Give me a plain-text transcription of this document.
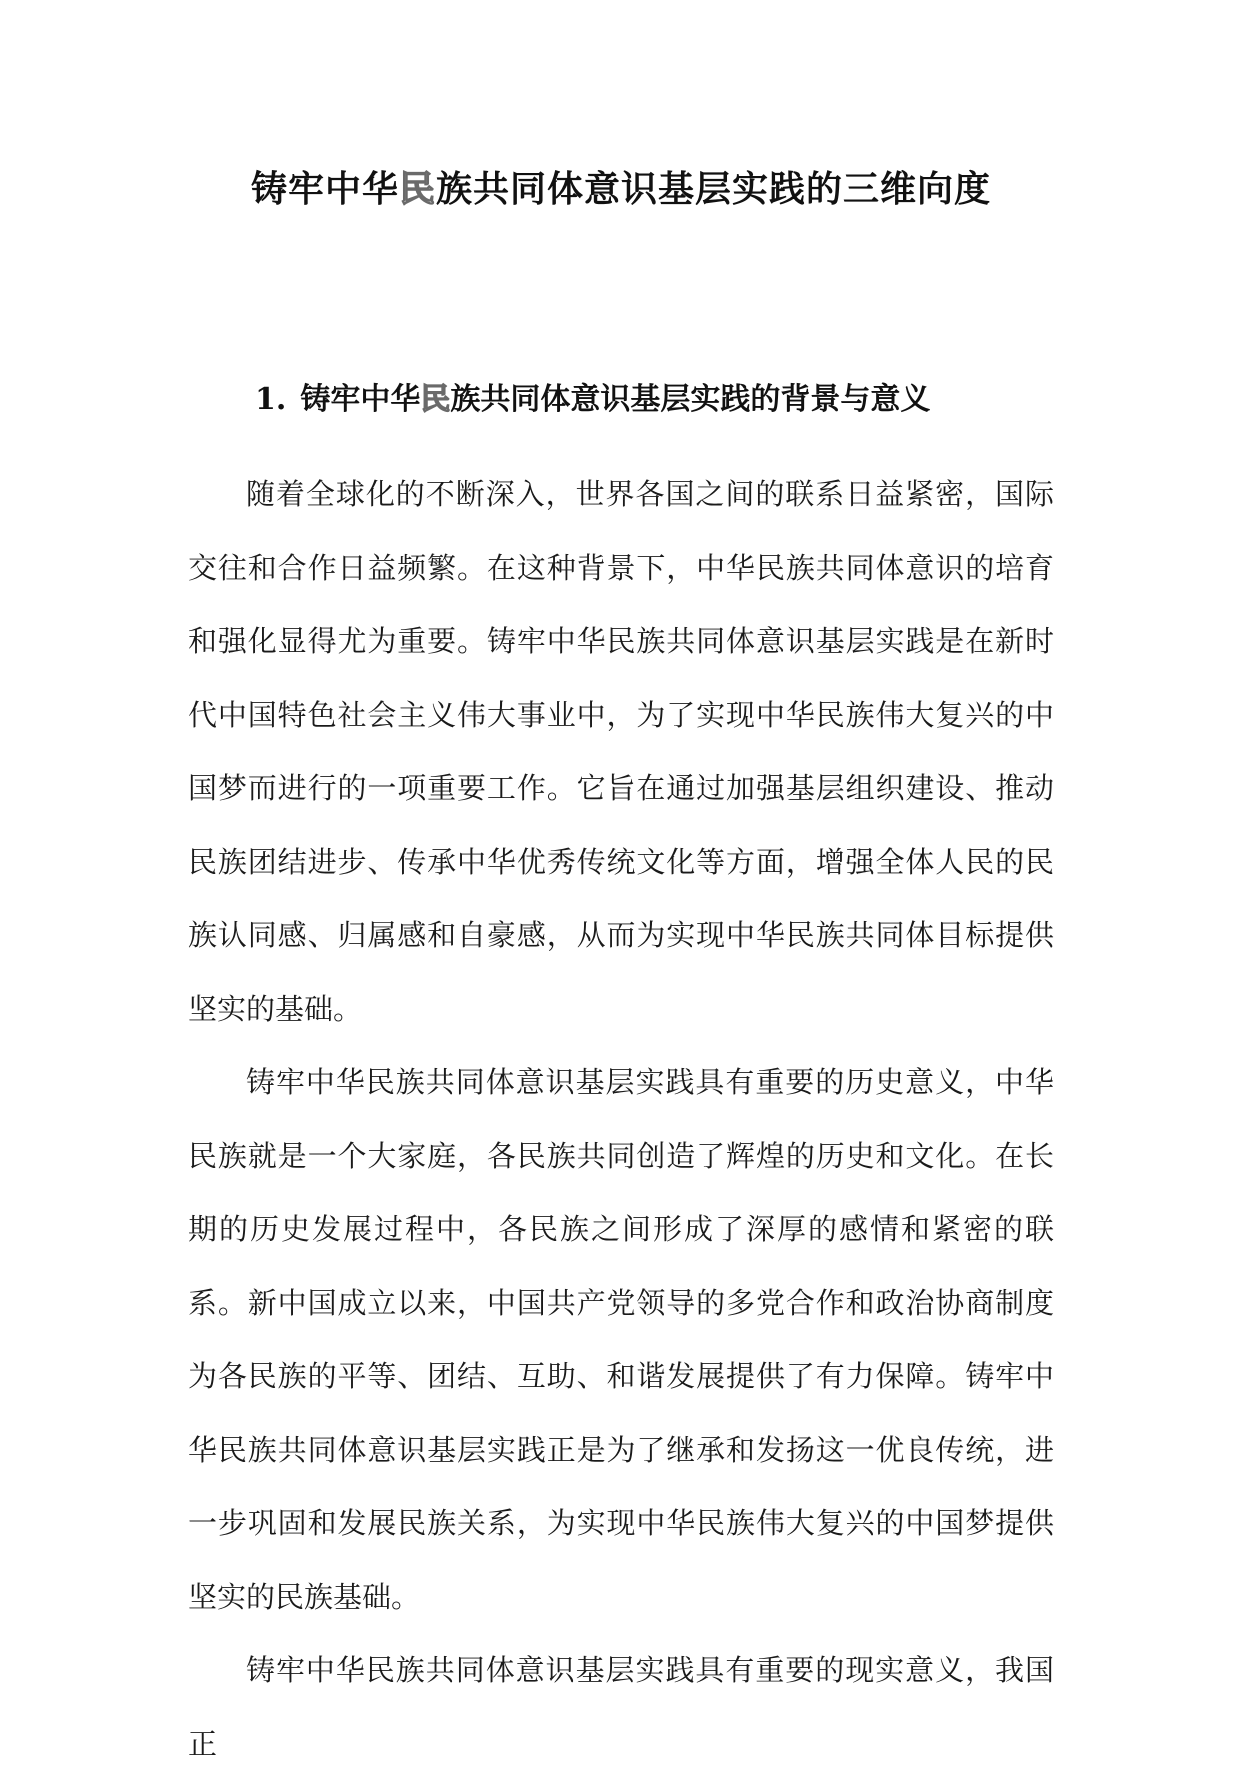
铸牢中华民族共同体意识基层实践的三维向度
1. 铸牢中华民族共同体意识基层实践的背景与意义

随着全球化的不断深入，世界各国之间的联系日益紧密，国际交往和合作日益频繁。在这种背景下，中华民族共同体意识的培育和强化显得尤为重要。铸牢中华民族共同体意识基层实践是在新时代中国特色社会主义伟大事业中，为了实现中华民族伟大复兴的中国梦而进行的一项重要工作。它旨在通过加强基层组织建设、推动民族团结进步、传承中华优秀传统文化等方面，增强全体人民的民族认同感、归属感和自豪感，从而为实现中华民族共同体目标提供坚实的基础。

铸牢中华民族共同体意识基层实践具有重要的历史意义，中华民族就是一个大家庭，各民族共同创造了辉煌的历史和文化。在长期的历史发展过程中，各民族之间形成了深厚的感情和紧密的联系。新中国成立以来，中国共产党领导的多党合作和政治协商制度为各民族的平等、团结、互助、和谐发展提供了有力保障。铸牢中华民族共同体意识基层实践正是为了继承和发扬这一优良传统，进一步巩固和发展民族关系，为实现中华民族伟大复兴的中国梦提供坚实的民族基础。

铸牢中华民族共同体意识基层实践具有重要的现实意义，我国正
